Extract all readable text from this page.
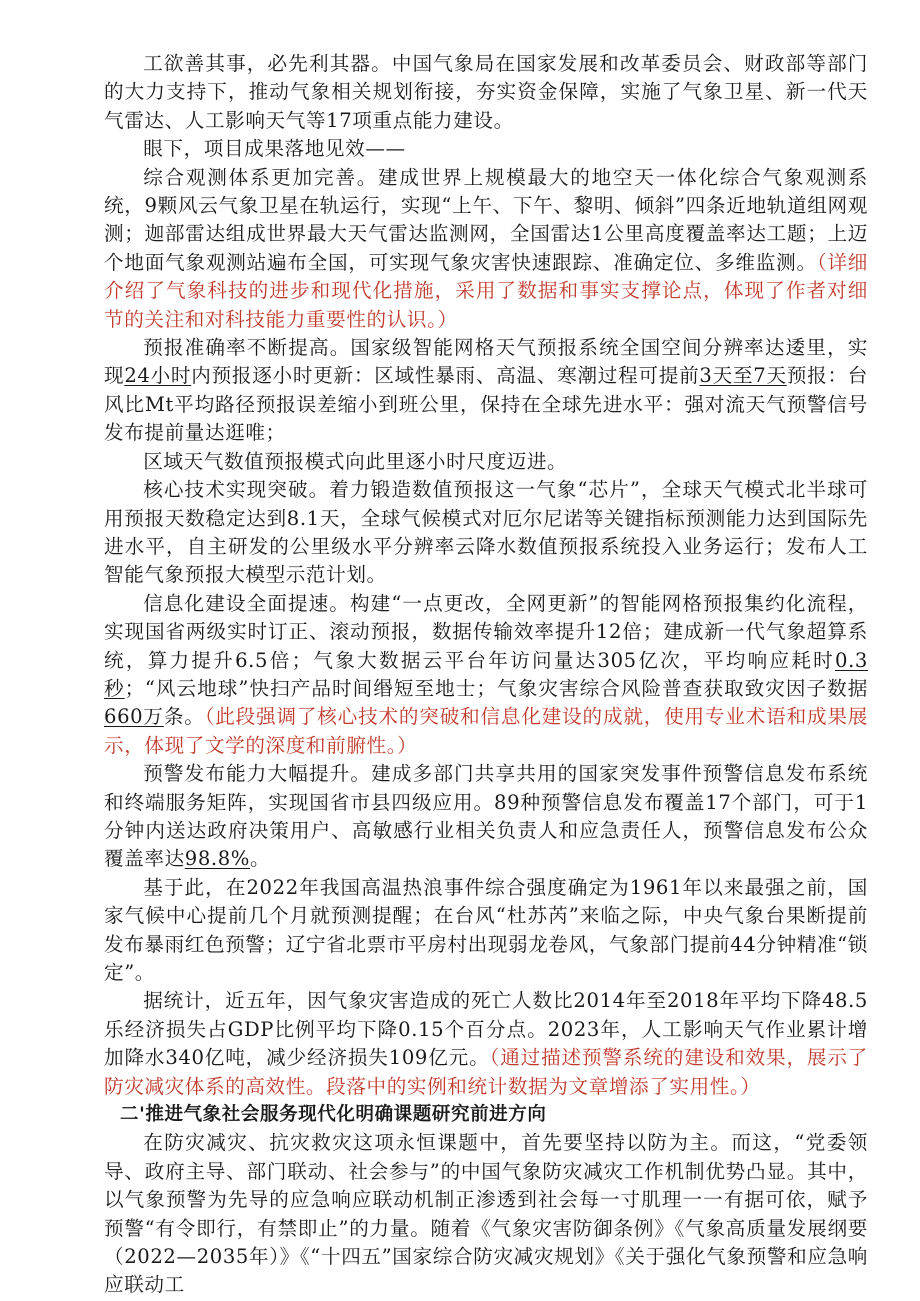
工欲善其事，必先利其器。中国气象局在国家发展和改革委员会、财政部等部门的大力支持下，推动气象相关规划衔接，夯实资金保障，实施了气象卫星、新一代天气雷达、人工影响天气等17项重点能力建设。

眼下，项目成果落地见效——

综合观测体系更加完善。建成世界上规模最大的地空天一体化综合气象观测系统，9颗风云气象卫星在轨运行，实现“上午、下午、黎明、倾斜”四条近地轨道组网观测；迦部雷达组成世界最大天气雷达监测网，全国雷达1公里高度覆盖率达工题；上迈个地面气象观测站遍布全国，可实现气象灾害快速跟踪、准确定位、多维监测。（详细介绍了气象科技的进步和现代化措施，采用了数据和事实支撑论点，体现了作者对细节的关注和对科技能力重要性的认识。）

预报准确率不断提高。国家级智能网格天气预报系统全国空间分辨率达逶里，实现24小时内预报逐小时更新：区域性暴雨、高温、寒潮过程可提前3天至7天预报：台风比Mt平均路径预报误差缩小到班公里，保持在全球先进水平：强对流天气预警信号发布提前量达逛唯；

区域天气数值预报模式向此里逐小时尺度迈进。

核心技术实现突破。着力锻造数值预报这一气象“芯片”，全球天气模式北半球可用预报天数稳定达到8.1天，全球气候模式对厄尔尼诺等关键指标预测能力达到国际先进水平，自主研发的公里级水平分辨率云降水数值预报系统投入业务运行；发布人工智能气象预报大模型示范计划。

信息化建设全面提速。构建“一点更改，全网更新”的智能网格预报集约化流程，实现国省两级实时订正、滚动预报，数据传输效率提升12倍；建成新一代气象超算系统，算力提升6.5倍；气象大数据云平台年访问量达305亿次，平均响应耗时0.3秒；“风云地球”快扫产品时间缗短至地士；气象灾害综合风险普查获取致灾因子数据660万条。（此段强调了核心技术的突破和信息化建设的成就，使用专业术语和成果展示，体现了文学的深度和前腑性。）

预警发布能力大幅提升。建成多部门共享共用的国家突发事件预警信息发布系统和终端服务矩阵，实现国省市县四级应用。89种预警信息发布覆盖17个部门，可于1分钟内送达政府决策用户、高敏感行业相关负责人和应急责任人，预警信息发布公众覆盖率达98.8%。

基于此，在2022年我国高温热浪事件综合强度确定为1961年以来最强之前，国家气候中心提前几个月就预测提醒；在台风“杜苏芮”来临之际，中央气象台果断提前发布暴雨红色预警；辽宁省北票市平房村出现弱龙卷风，气象部门提前44分钟精准“锁定”。

据统计，近五年，因气象灾害造成的死亡人数比2014年至2018年平均下降48.5乐经济损失占GDP比例平均下降0.15个百分点。2023年，人工影响天气作业累计增加降水340亿吨，减少经济损失109亿元。（通过描述预警系统的建设和效果，展示了防灾减灾体系的高效性。段落中的实例和统计数据为文章增添了实用性。）

二'推进气象社会服务现代化明确课题研究前进方向

在防灾减灾、抗灾救灾这项永恒课题中，首先要坚持以防为主。而这，“党委领导、政府主导、部门联动、社会参与”的中国气象防灾减灾工作机制优势凸显。其中，以气象预警为先导的应急响应联动机制正渗透到社会每一寸肌理一一有据可依，赋予预警“有令即行，有禁即止”的力量。随着《气象灾害防御条例》《气象高质量发展纲要（2022—2035年）》《“十四五”国家综合防灾减灾规划》《关于强化气象预警和应急响应联动工
